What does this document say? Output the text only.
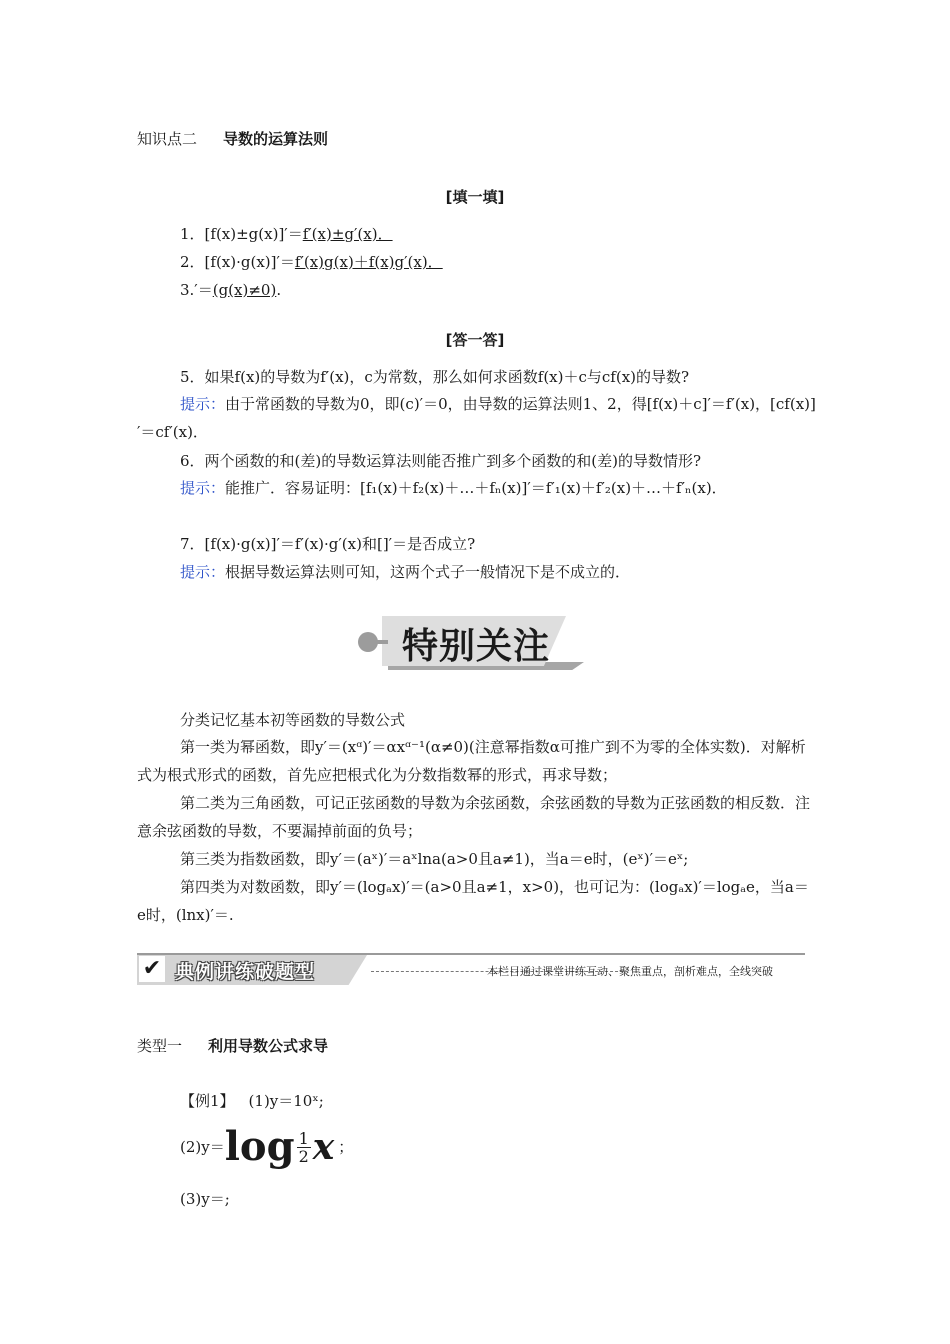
知识点二 导数的运算法则
[填一填]
1．[f(x)±g(x)]′＝f′(x)±g′(x)．
2．[f(x)·g(x)]′＝f′(x)g(x)＋f(x)g′(x)．
3.′＝(g(x)≠0).
[答一答]
5．如果f(x)的导数为f′(x)，c为常数，那么如何求函数f(x)＋c与cf(x)的导数?
提示：由于常函数的导数为0，即(c)′＝0，由导数的运算法则1、2，得[f(x)＋c]′＝f′(x)，[cf(x)]′＝cf′(x)．
6．两个函数的和(差)的导数运算法则能否推广到多个函数的和(差)的导数情形?
提示：能推广．容易证明：[f₁(x)＋f₂(x)＋…＋fₙ(x)]′＝f′₁(x)＋f′₂(x)＋…＋f′ₙ(x)．
7．[f(x)·g(x)]′＝f′(x)·g′(x)和[]′＝是否成立?
提示：根据导数运算法则可知，这两个式子一般情况下是不成立的．
特别关注
分类记忆基本初等函数的导数公式
第一类为幂函数，即y′＝(xᵅ)′＝αxᵅ⁻¹(α≠0)(注意幂指数α可推广到不为零的全体实数)．对解析式为根式形式的函数，首先应把根式化为分数指数幂的形式，再求导数；
第二类为三角函数，可记正弦函数的导数为余弦函数，余弦函数的导数为正弦函数的相反数．注意余弦函数的导数，不要漏掉前面的负号；
第三类为指数函数，即y′＝(aˣ)′＝aˣlna(a>0且a≠1)，当a＝e时，(eˣ)′＝eˣ;
第四类为对数函数，即y′＝(logₐx)′＝(a>0且a≠1，x>0)，也可记为：(logₐx)′＝logₐe，当a＝e时，(lnx)′＝.
✔ 典例讲练破题型	本栏目通过课堂讲练互动、聚焦重点，剖析难点，全线突破
类型一 利用导数公式求导
【例1】 (1)y＝10ˣ;
$(2)y=\log \frac{1}{2}x$ ；
(3)y＝;
